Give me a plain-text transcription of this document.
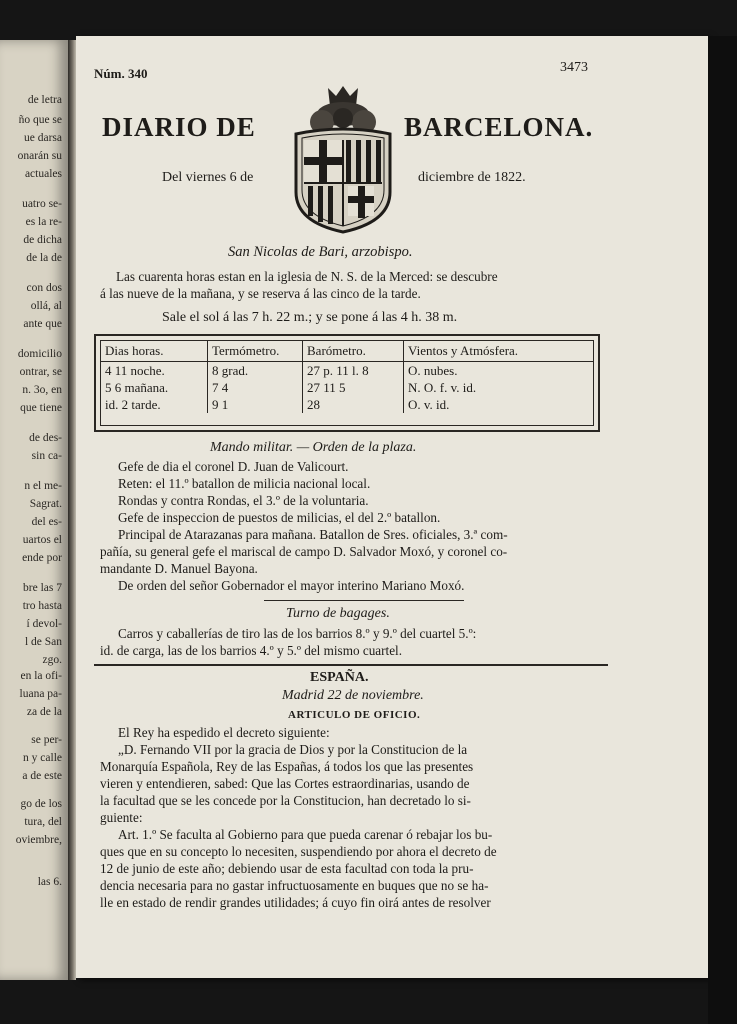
de letra
ño que se
ue darsa
onarán su
actuales
uatro se-
es la re-
de dicha
de la de
con dos
ollá, al
ante que
domicilio
ontrar, se
n. 3o, en
que tiene
de des-
sin ca-
n el me-
Sagrat.
del es-
uartos el
ende por
bre las 7
tro hasta
í devol-
l de San
zgo.
en la ofi-
luana pa-
za de la
se per-
n y calle
a de este
go de los
tura, del
oviembre,
las 6.
Núm. 340	3473
DIARIO DE	BARCELONA.
Del viernes 6 de	diciembre de 1822.
San Nicolas de Bari, arzobispo.
Las cuarenta horas estan en la iglesia de N. S. de la Merced: se descubre
á las nueve de la mañana, y se reserva á las cinco de la tarde.
Sale el sol á las 7 h. 22 m.; y se pone á las 4 h. 38 m.
Dias horas.	Termómetro.	Barómetro.	Vientos y Atmósfera.
4 11 noche.	8 grad.	27 p. 11 l. 8	O. nubes.
5 6 mañana.	7 4	27 11 5	N. O. f. v. id.
id. 2 tarde.	9 1	28	O. v. id.
Mando militar. — Orden de la plaza.
Gefe de dia el coronel D. Juan de Valicourt.
Reten: el 11.º batallon de milicia nacional local.
Rondas y contra Rondas, el 3.º de la voluntaria.
Gefe de inspeccion de puestos de milicias, el del 2.º batallon.
Principal de Atarazanas para mañana. Batallon de Sres. oficiales, 3.ª com-
pañía, su general gefe el mariscal de campo D. Salvador Moxó, y coronel co-
mandante D. Manuel Bayona.
De orden del señor Gobernador el mayor interino Mariano Moxó.
Turno de bagages.
Carros y caballerías de tiro las de los barrios 8.º y 9.º del cuartel 5.º:
id. de carga, las de los barrios 4.º y 5.º del mismo cuartel.
ESPAÑA.
Madrid 22 de noviembre.
ARTICULO DE OFICIO.
El Rey ha espedido el decreto siguiente:
„D. Fernando VII por la gracia de Dios y por la Constitucion de la
Monarquía Española, Rey de las Españas, á todos los que las presentes
vieren y entendieren, sabed: Que las Cortes estraordinarias, usando de
la facultad que se les concede por la Constitucion, han decretado lo si-
guiente:
Art. 1.º Se faculta al Gobierno para que pueda carenar ó rebajar los bu-
ques que en su concepto lo necesiten, suspendiendo por ahora el decreto de
12 de junio de este año; debiendo usar de esta facultad con toda la pru-
dencia necesaria para no gastar infructuosamente en buques que no se ha-
lle en estado de rendir grandes utilidades; á cuyo fin oirá antes de resolver
